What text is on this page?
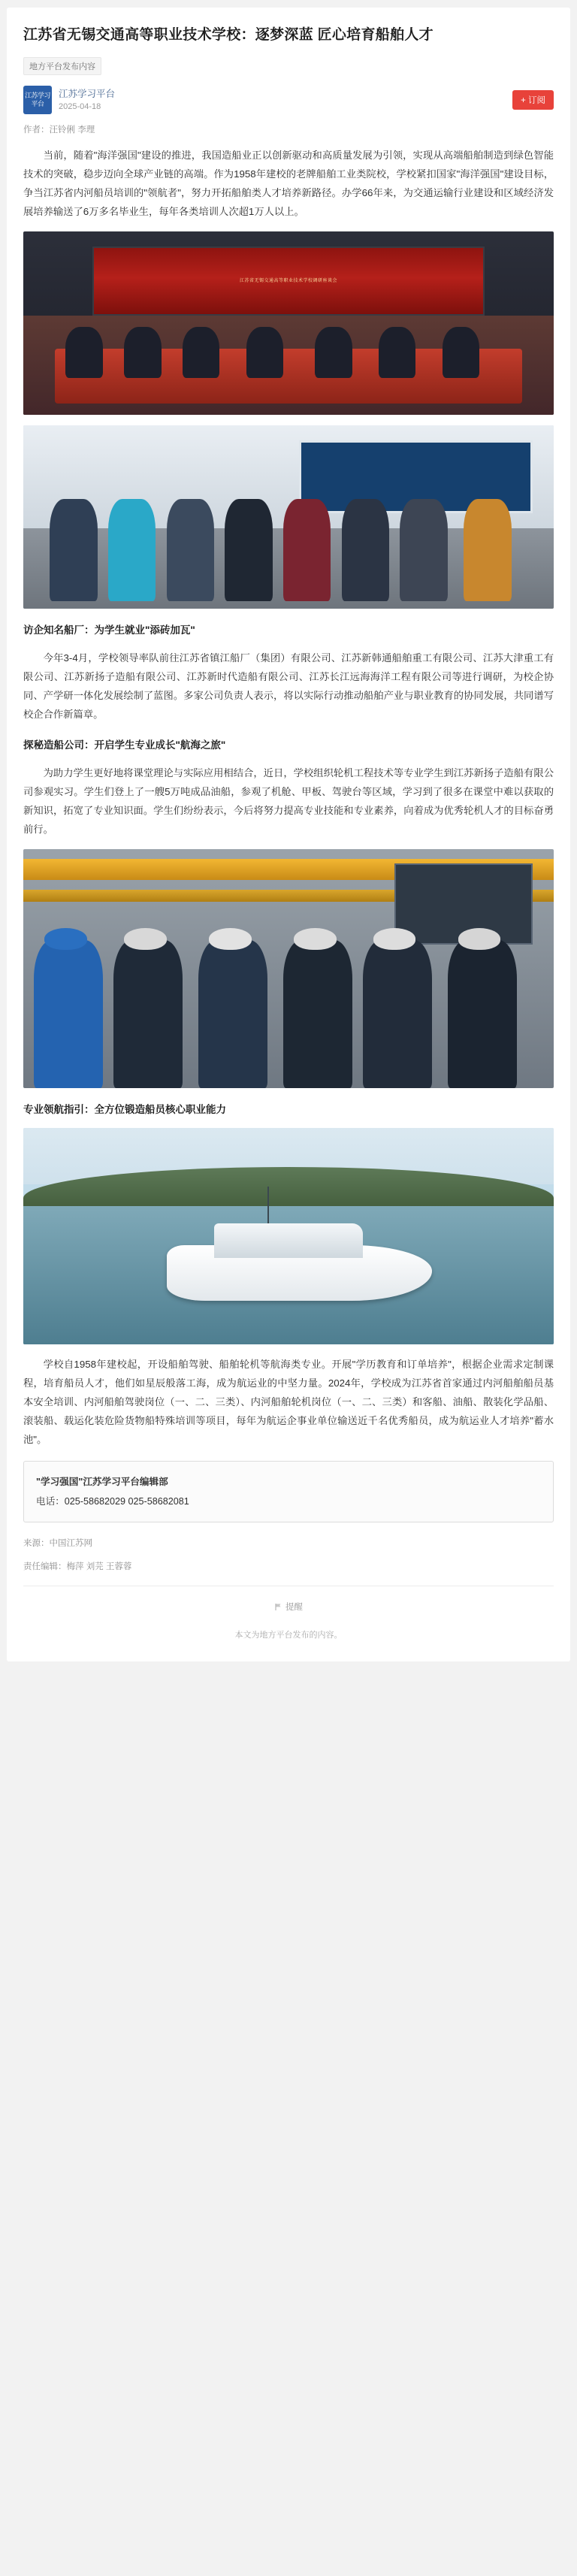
江苏省无锡交通高等职业技术学校：逐梦深蓝 匠心培育船舶人才
地方平台发布内容
江苏学习平台
江苏学习平台
2025-04-18
+ 订阅
作者：汪铃俐 李理

当前，随着"海洋强国"建设的推进，我国造船业正以创新驱动和高质量发展为引领，实现从高端船舶制造到绿色智能技术的突破，稳步迈向全球产业链的高端。作为1958年建校的老牌船舶工业类院校，学校紧扣国家"海洋强国"建设目标，争当江苏省内河船员培训的"领航者"，努力开拓船舶类人才培养新路径。办学66年来，为交通运输行业建设和区域经济发展培养输送了6万多名毕业生，每年各类培训人次超1万人以上。

江苏省无锡交通高等职业技术学校调研座谈会
访企知名船厂：为学生就业"添砖加瓦"

今年3-4月，学校领导率队前往江苏省镇江船厂（集团）有限公司、江苏新韩通船舶重工有限公司、江苏大津重工有限公司、江苏新扬子造船有限公司、江苏新时代造船有限公司、江苏长江远海海洋工程有限公司等进行调研，为校企协同、产学研一体化发展绘制了蓝图。多家公司负责人表示，将以实际行动推动船舶产业与职业教育的协同发展，共同谱写校企合作新篇章。

探秘造船公司：开启学生专业成长"航海之旅"

为助力学生更好地将课堂理论与实际应用相结合，近日，学校组织轮机工程技术等专业学生到江苏新扬子造船有限公司参观实习。学生们登上了一艘5万吨成品油船，参观了机舱、甲板、驾驶台等区域，学习到了很多在课堂中难以获取的新知识，拓宽了专业知识面。学生们纷纷表示，今后将努力提高专业技能和专业素养，向着成为优秀轮机人才的目标奋勇前行。

专业领航指引：全方位锻造船员核心职业能力

学校自1958年建校起，开设船舶驾驶、船舶轮机等航海类专业。开展"学历教育和订单培养"，根据企业需求定制课程，培育船员人才，他们如星辰般落工海，成为航运业的中坚力量。2024年，学校成为江苏省首家通过内河船舶船员基本安全培训、内河船舶驾驶岗位（一、二、三类）、内河船舶轮机岗位（一、二、三类）和客船、油船、散装化学品船、滚装船、载运化装危险货物船特殊培训等项目，每年为航运企事业单位输送近千名优秀船员，成为航运业人才培养"蓄水池"。

"学习强国"江苏学习平台编辑部
电话：025-58682029 025-58682081
来源：中国江苏网
责任编辑：梅萍 刘芫 王蓉蓉
提醒
本文为地方平台发布的内容。
